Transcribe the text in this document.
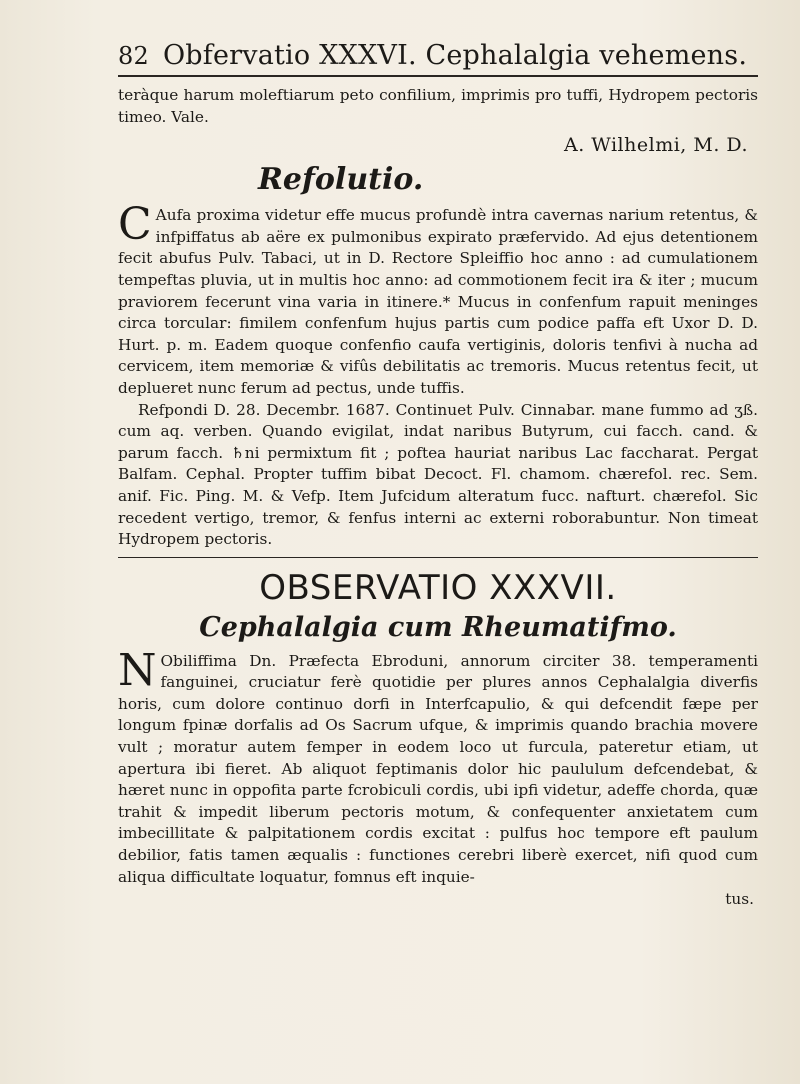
82 Obfervatio XXXVI. Cephalalgia vehemens.

teràque harum moleftiarum peto confilium, imprimis pro tuffi, Hydropem pectoris timeo. Vale.

A. Wilhelmi, M. D.
Refolutio.

C Aufa proxima videtur effe mucus profundè intra cavernas narium retentus, & infpiffatus ab aëre ex pulmonibus expirato præfervido. Ad ejus detentionem fecit abufus Pulv. Tabaci, ut in D. Rectore Spleiffio hoc anno : ad cumulationem tempeftas pluvia, ut in multis hoc anno: ad commotionem fecit ira & iter ; mucum praviorem fecerunt vina varia in itinere.* Mucus in confenfum rapuit meninges circa torcular: fimilem confenfum hujus partis cum podice paffa eft Uxor D. D. Hurt. p. m. Eadem quoque confenfio caufa vertiginis, doloris tenfivi à nucha ad cervicem, item memoriæ & vifûs debilitatis ac tremoris. Mucus retentus fecit, ut deplueret nunc ferum ad pectus, unde tuffis.

Refpondi D. 28. Decembr. 1687. Continuet Pulv. Cinnabar. mane fummo ad ʒß. cum aq. verben. Quando evigilat, indat naribus Butyrum, cui facch. cand. & parum facch. ♄ni permixtum fit ; poftea hauriat naribus Lac faccharat. Pergat Balfam. Cephal. Propter tuffim bibat Decoct. Fl. chamom. chærefol. rec. Sem. anif. Fic. Ping. M. & Vefp. Item Jufcidum alteratum fucc. nafturt. chærefol. Sic recedent vertigo, tremor, & fenfus interni ac externi roborabuntur. Non timeat Hydropem pectoris.

OBSERVATIO XXXVII.
Cephalalgia cum Rheumatifmo.

N Obiliffima Dn. Præfecta Ebroduni, annorum circiter 38. temperamenti fanguinei, cruciatur ferè quotidie per plures annos Cephalalgia diverfis horis, cum dolore continuo dorfi in Interfcapulio, & qui defcendit fæpe per longum fpinæ dorfalis ad Os Sacrum ufque, & imprimis quando brachia movere vult ; moratur autem femper in eodem loco ut furcula, pateretur etiam, ut apertura ibi fieret. Ab aliquot feptimanis dolor hic paululum defcendebat, & hæret nunc in oppofita parte fcrobiculi cordis, ubi ipfi videtur, adeffe chorda, quæ trahit & impedit liberum pectoris motum, & confequenter anxietatem cum imbecillitate & palpitationem cordis excitat : pulfus hoc tempore eft paulum debilior, fatis tamen æqualis : functiones cerebri liberè exercet, nifi quod cum aliqua difficultate loquatur, fomnus eft inquie-

tus.
